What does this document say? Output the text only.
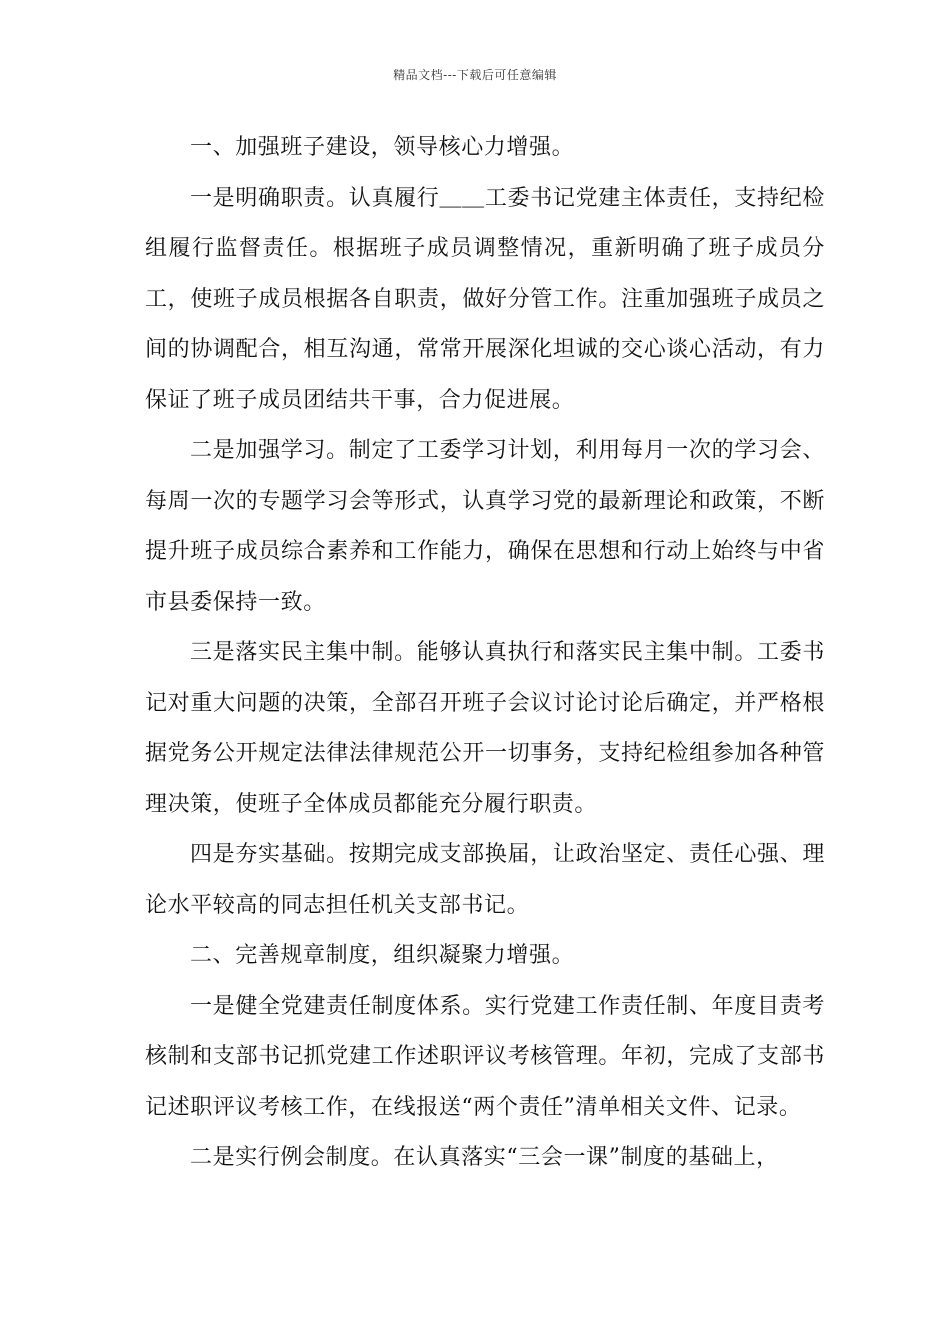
精品文档---下载后可任意编辑

一、加强班子建设，领导核心力增强。

一是明确职责。认真履行＿＿工委书记党建主体责任，支持纪检组履行监督责任。根据班子成员调整情况，重新明确了班子成员分工，使班子成员根据各自职责，做好分管工作。注重加强班子成员之间的协调配合，相互沟通，常常开展深化坦诚的交心谈心活动，有力保证了班子成员团结共干事，合力促进展。

二是加强学习。制定了工委学习计划，利用每月一次的学习会、每周一次的专题学习会等形式，认真学习党的最新理论和政策，不断提升班子成员综合素养和工作能力，确保在思想和行动上始终与中省市县委保持一致。

三是落实民主集中制。能够认真执行和落实民主集中制。工委书记对重大问题的决策，全部召开班子会议讨论讨论后确定，并严格根据党务公开规定法律法律规范公开一切事务，支持纪检组参加各种管理决策，使班子全体成员都能充分履行职责。

四是夯实基础。按期完成支部换届，让政治坚定、责任心强、理论水平较高的同志担任机关支部书记。

二、完善规章制度，组织凝聚力增强。

一是健全党建责任制度体系。实行党建工作责任制、年度目责考核制和支部书记抓党建工作述职评议考核管理。年初，完成了支部书记述职评议考核工作，在线报送“两个责任”清单相关文件、记录。

二是实行例会制度。在认真落实“三会一课”制度的基础上，
